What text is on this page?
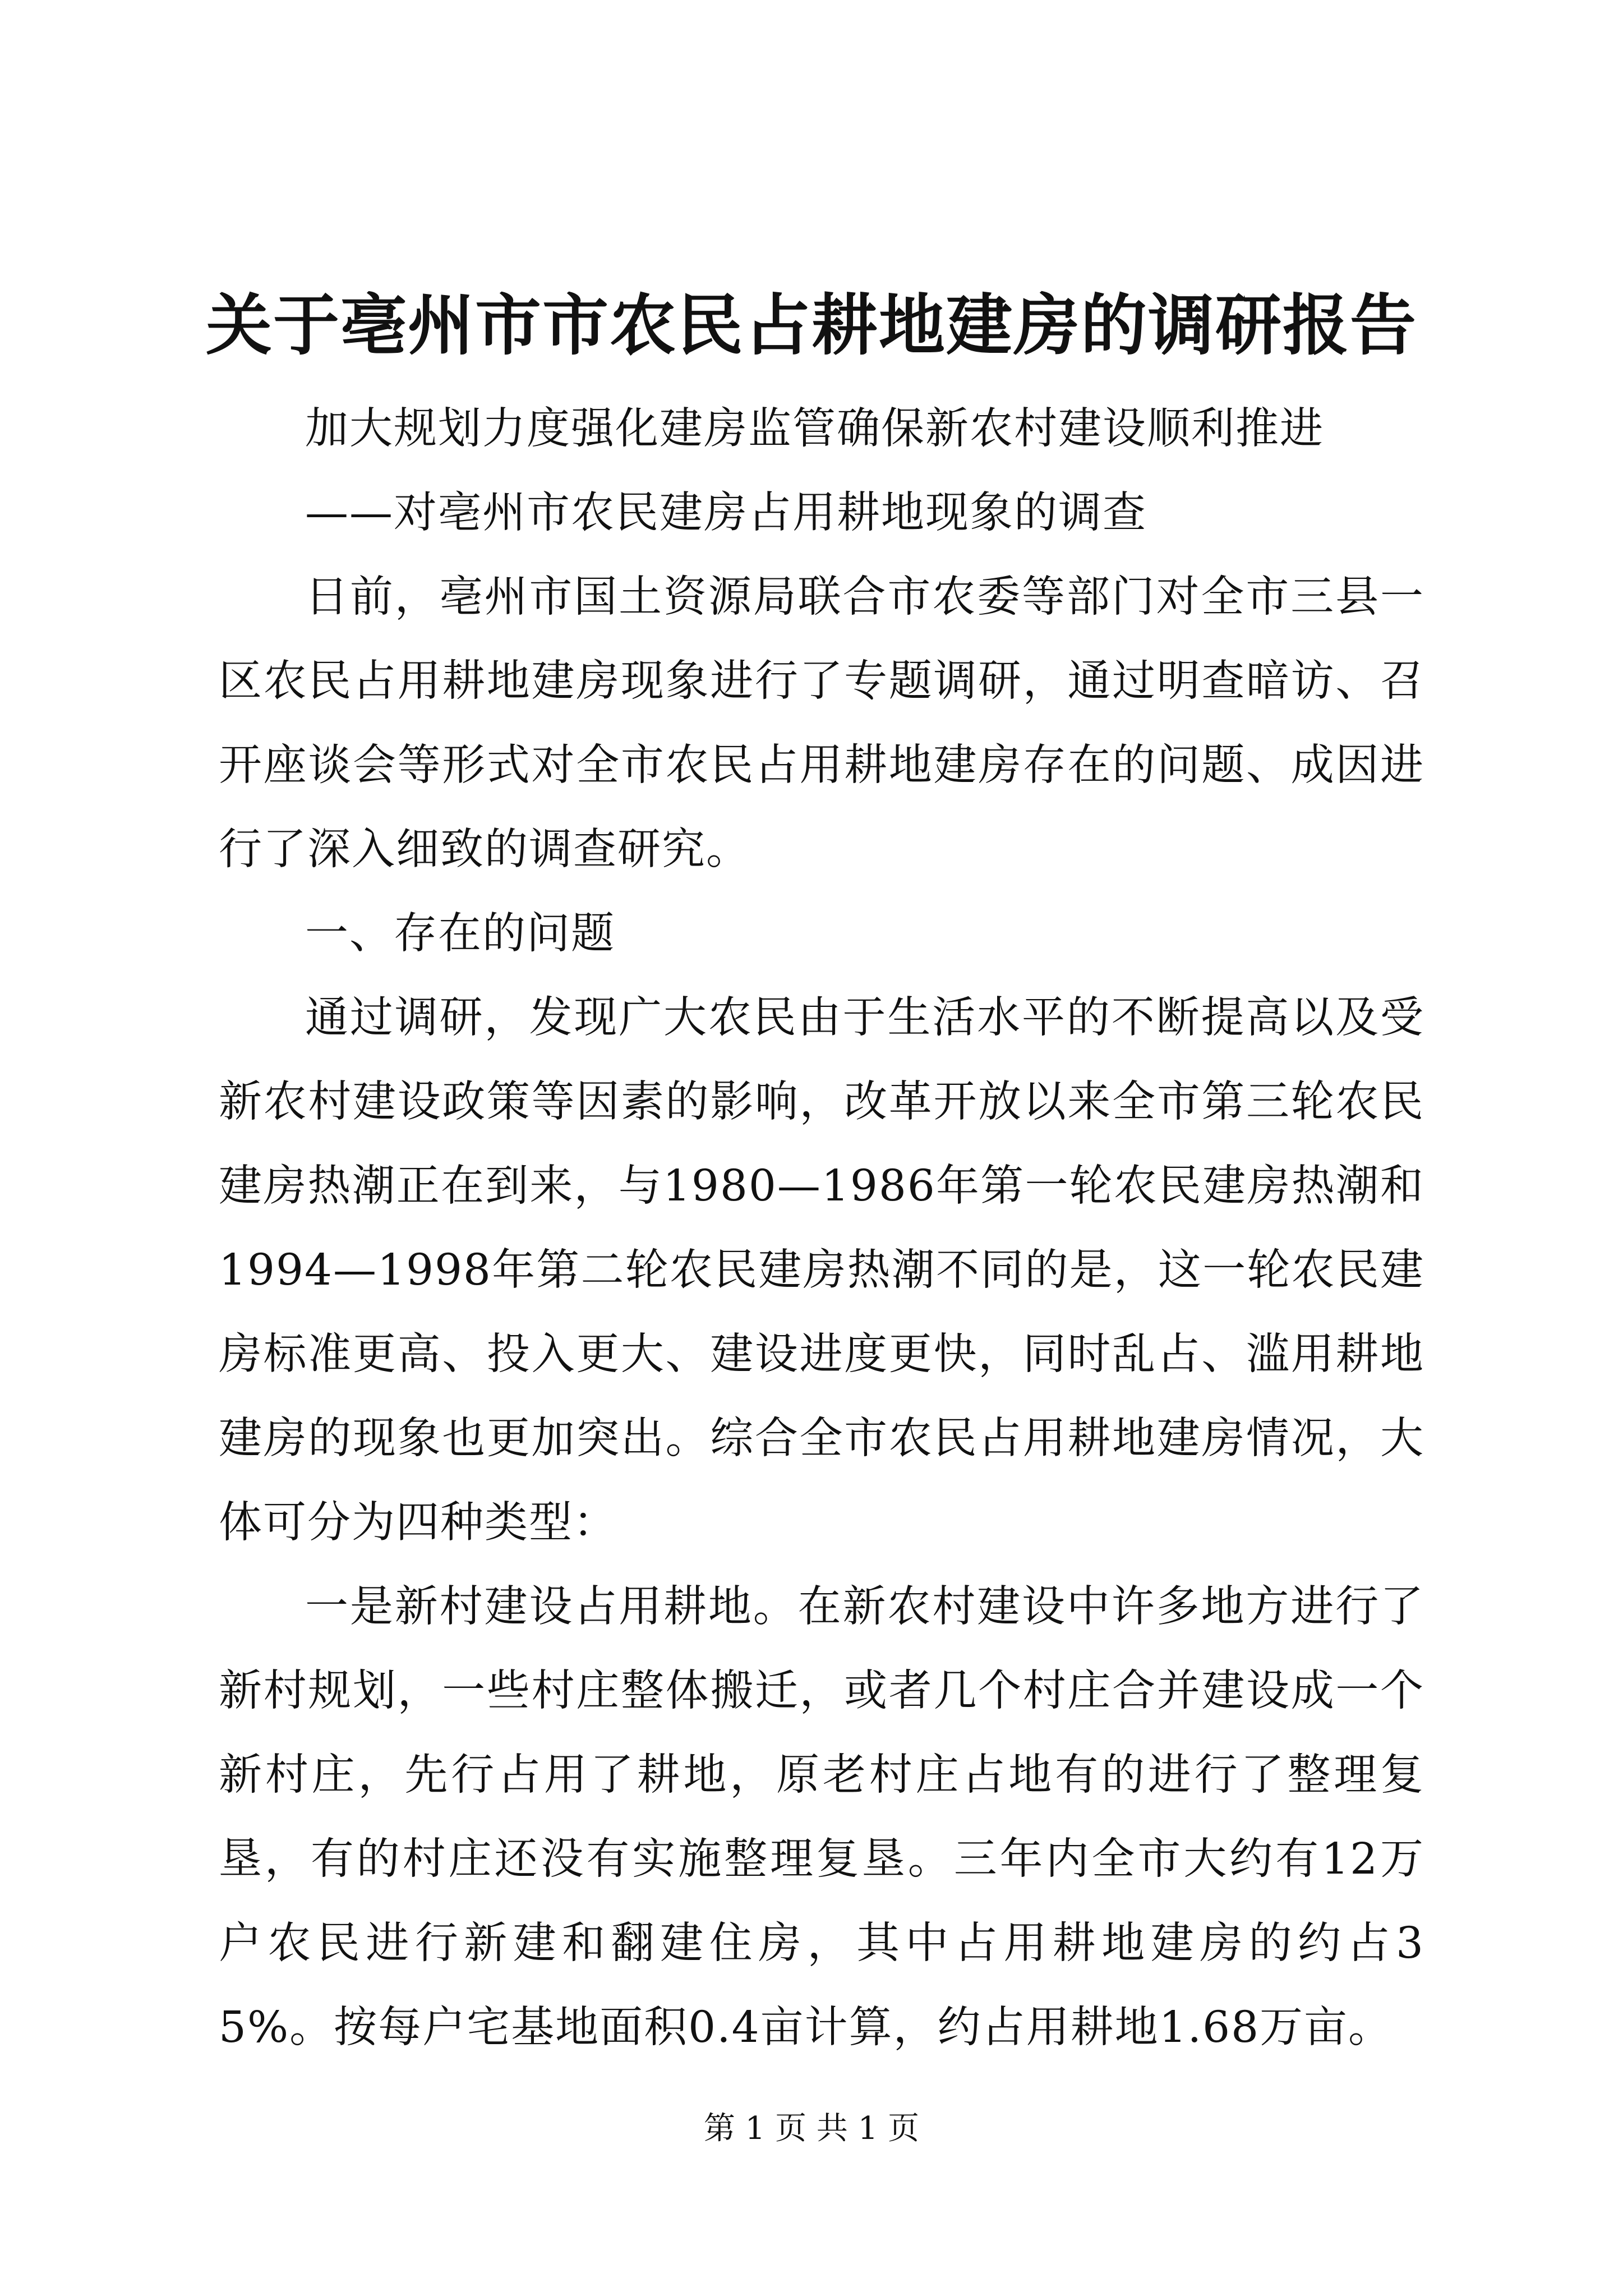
关于亳州市市农民占耕地建房的调研报告

加大规划力度强化建房监管确保新农村建设顺利推进

——对亳州市农民建房占用耕地现象的调查

日前，亳州市国土资源局联合市农委等部门对全市三县一区农民占用耕地建房现象进行了专题调研，通过明查暗访、召开座谈会等形式对全市农民占用耕地建房存在的问题、成因进行了深入细致的调查研究。

一、存在的问题

通过调研，发现广大农民由于生活水平的不断提高以及受新农村建设政策等因素的影响，改革开放以来全市第三轮农民建房热潮正在到来，与1980—1986年第一轮农民建房热潮和1994—1998年第二轮农民建房热潮不同的是，这一轮农民建房标准更高、投入更大、建设进度更快，同时乱占、滥用耕地建房的现象也更加突出。综合全市农民占用耕地建房情况，大体可分为四种类型：

一是新村建设占用耕地。在新农村建设中许多地方进行了新村规划，一些村庄整体搬迁，或者几个村庄合并建设成一个新村庄，先行占用了耕地，原老村庄占地有的进行了整理复垦，有的村庄还没有实施整理复垦。三年内全市大约有12万户农民进行新建和翻建住房，其中占用耕地建房的约占35%。按每户宅基地面积0.4亩计算，约占用耕地1.68万亩。

第 1 页 共 1 页
